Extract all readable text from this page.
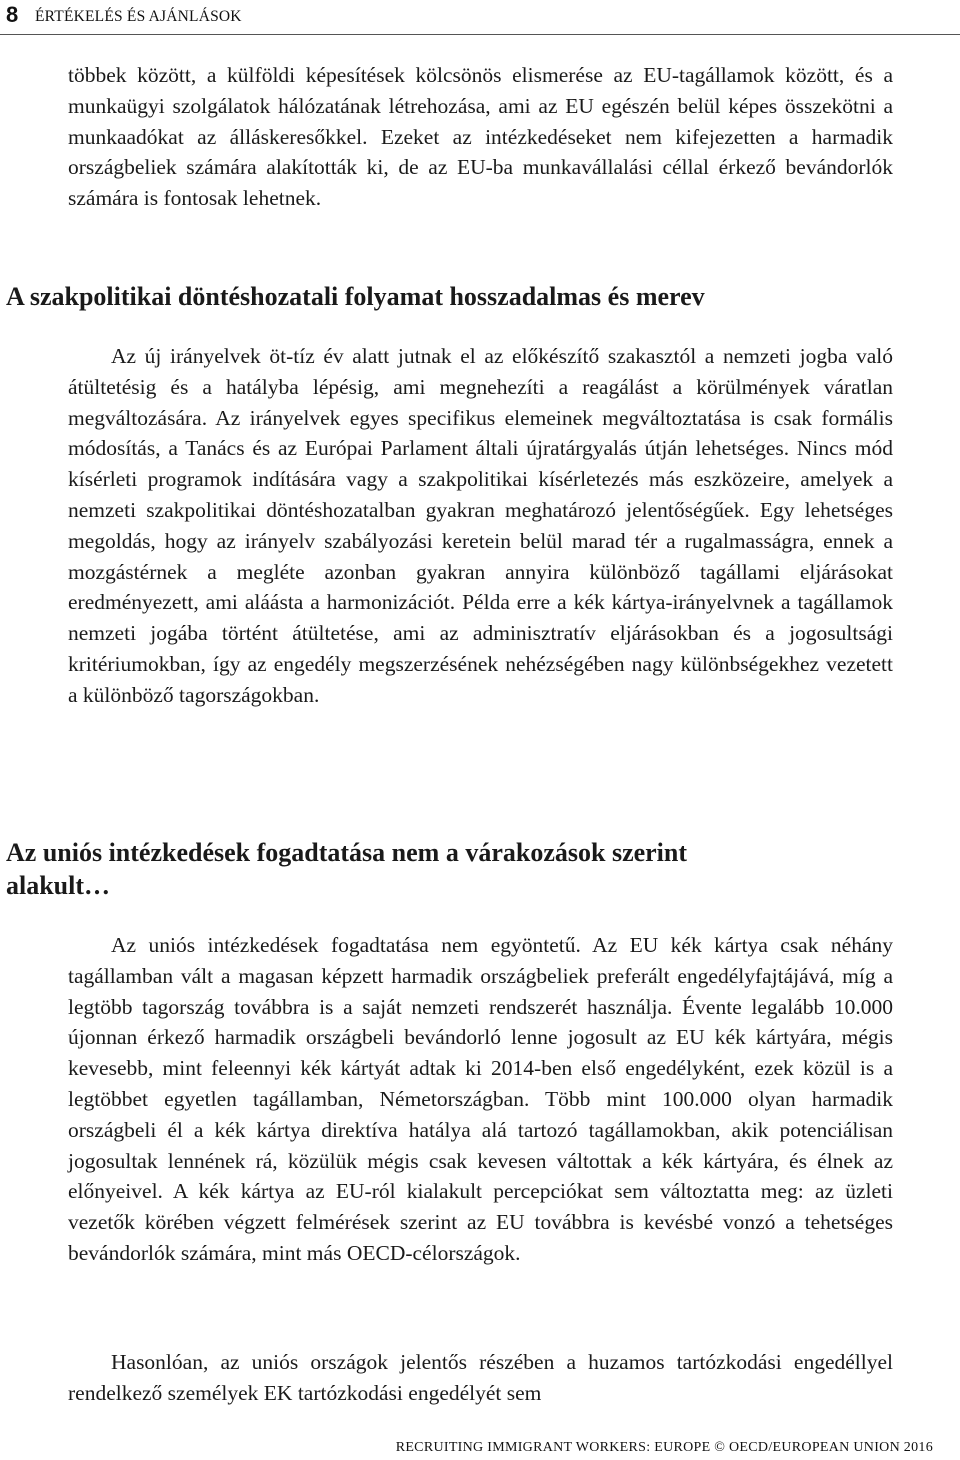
8 ÉRTÉKELÉS ÉS AJÁNLÁSOK

többek között, a külföldi képesítések kölcsönös elismerése az EU-tagállamok között, és a munkaügyi szolgálatok hálózatának létrehozása, ami az EU egészén belül képes összekötni a munkaadókat az álláskeresőkkel. Ezeket az intézkedéseket nem kifejezetten a harmadik országbeliek számára alakították ki, de az EU-ba munkavállalási céllal érkező bevándorlók számára is fontosak lehetnek.

A szakpolitikai döntéshozatali folyamat hosszadalmas és merev

Az új irányelvek öt-tíz év alatt jutnak el az előkészítő szakasztól a nemzeti jogba való átültetésig és a hatályba lépésig, ami megnehezíti a reagálást a körülmények váratlan megváltozására. Az irányelvek egyes specifikus elemeinek megváltoztatása is csak formális módosítás, a Tanács és az Európai Parlament általi újratárgyalás útján lehetséges. Nincs mód kísérleti programok indítására vagy a szakpolitikai kísérletezés más eszközeire, amelyek a nemzeti szakpolitikai döntéshozatalban gyakran meghatározó jelentőségűek. Egy lehetséges megoldás, hogy az irányelv szabályozási keretein belül marad tér a rugalmasságra, ennek a mozgástérnek a megléte azonban gyakran annyira különböző tagállami eljárásokat eredményezett, ami aláásta a harmonizációt. Példa erre a kék kártya-irányelvnek a tagállamok nemzeti jogába történt átültetése, ami az adminisztratív eljárásokban és a jogosultsági kritériumokban, így az engedély megszerzésének nehézségében nagy különbségekhez vezetett a különböző tagországokban.

Az uniós intézkedések fogadtatása nem a várakozások szerint alakult…

Az uniós intézkedések fogadtatása nem egyöntetű. Az EU kék kártya csak néhány tagállamban vált a magasan képzett harmadik országbeliek preferált engedélyfajtájává, míg a legtöbb tagország továbbra is a saját nemzeti rendszerét használja. Évente legalább 10.000 újonnan érkező harmadik országbeli bevándorló lenne jogosult az EU kék kártyára, mégis kevesebb, mint feleennyi kék kártyát adtak ki 2014-ben első engedélyként, ezek közül is a legtöbbet egyetlen tagállamban, Németországban. Több mint 100.000 olyan harmadik országbeli él a kék kártya direktíva hatálya alá tartozó tagállamokban, akik potenciálisan jogosultak lennének rá, közülük mégis csak kevesen váltottak a kék kártyára, és élnek az előnyeivel. A kék kártya az EU-ról kialakult percepciókat sem változtatta meg: az üzleti vezetők körében végzett felmérések szerint az EU továbbra is kevésbé vonzó a tehetséges bevándorlók számára, mint más OECD-célországok.

Hasonlóan, az uniós országok jelentős részében a huzamos tartózkodási engedéllyel rendelkező személyek EK tartózkodási engedélyét sem

RECRUITING IMMIGRANT WORKERS: EUROPE © OECD/EUROPEAN UNION 2016
